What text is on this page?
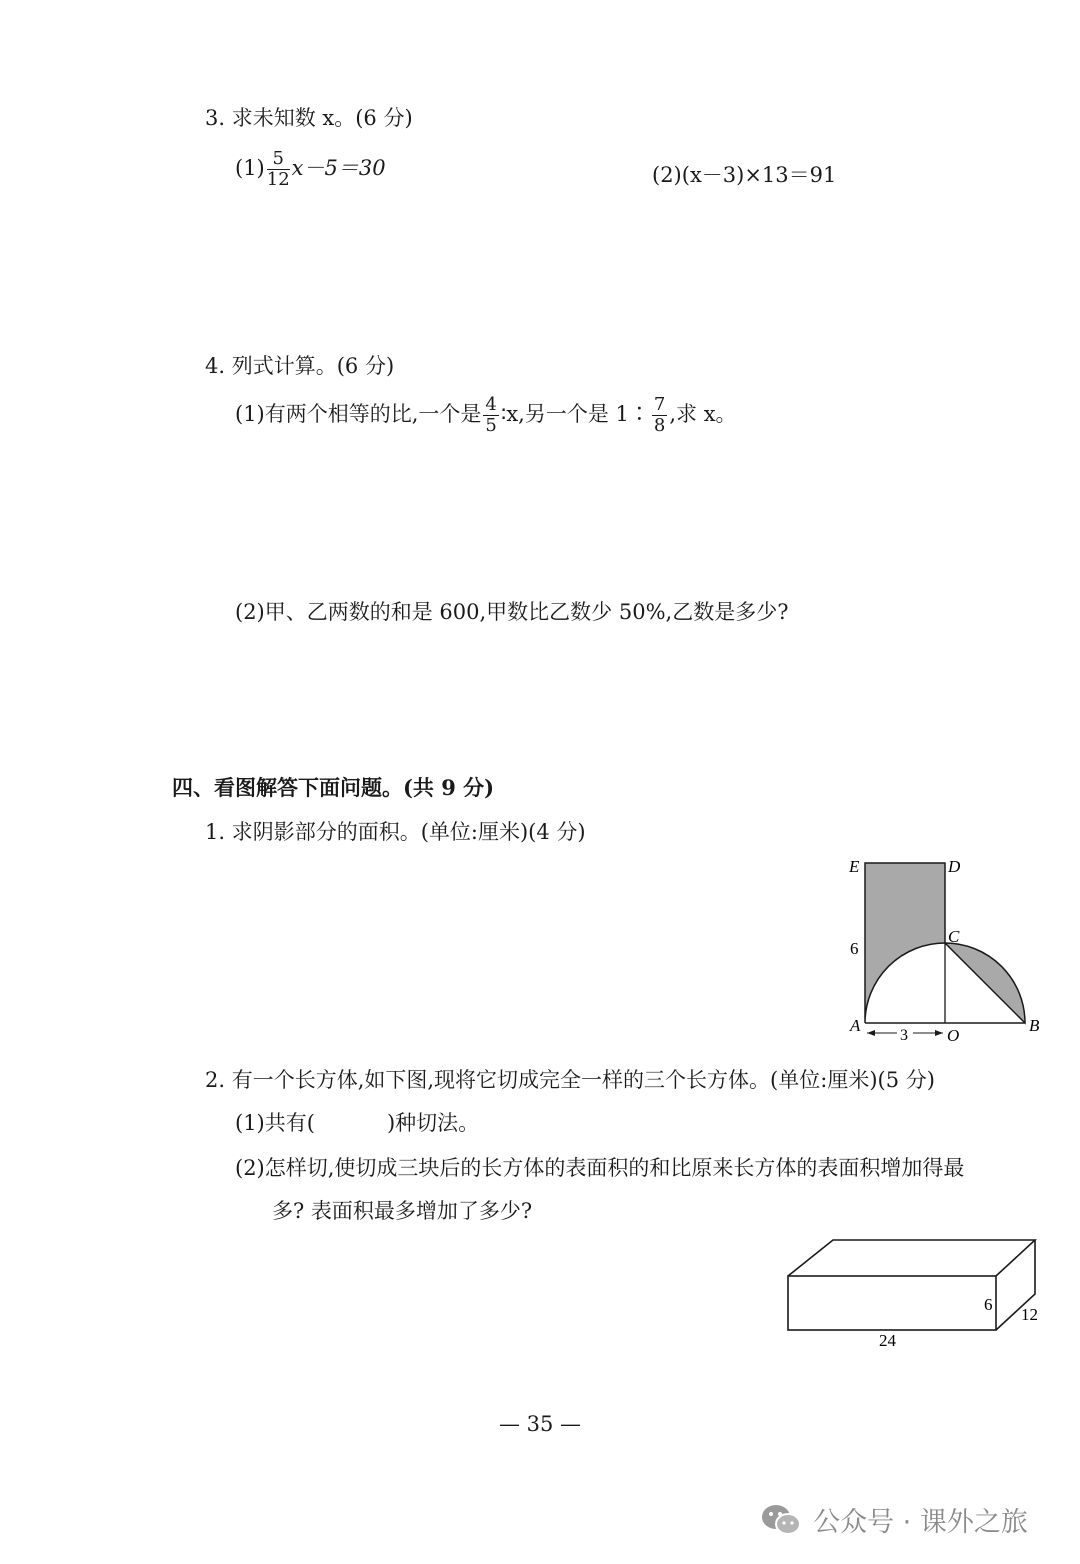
3. 求未知数 x。(6 分)
$(1) \frac{5}{12} x-5=30$	(2)(x－3)×13＝91
4. 列式计算。(6 分)
(1)有两个相等的比,一个是 $\frac{4}{5}$ ∶x,另一个是 1∶ $\frac{7}{8}$ ,求 x。
(2)甲、乙两数的和是 600,甲数比乙数少 50%,乙数是多少?
四、看图解答下面问题。(共 9 分)
1. 求阴影部分的面积。(单位:厘米)(4 分)
E	D
C
6
A	B
O
3
2. 有一个长方体,如下图,现将它切成完全一样的三个长方体。(单位:厘米)(5 分)
(1)共有(	)种切法。
(2)怎样切,使切成三块后的长方体的表面积的和比原来长方体的表面积增加得最
多? 表面积最多增加了多少?
6
12
24
— 35 —
公众号 · 课外之旅
